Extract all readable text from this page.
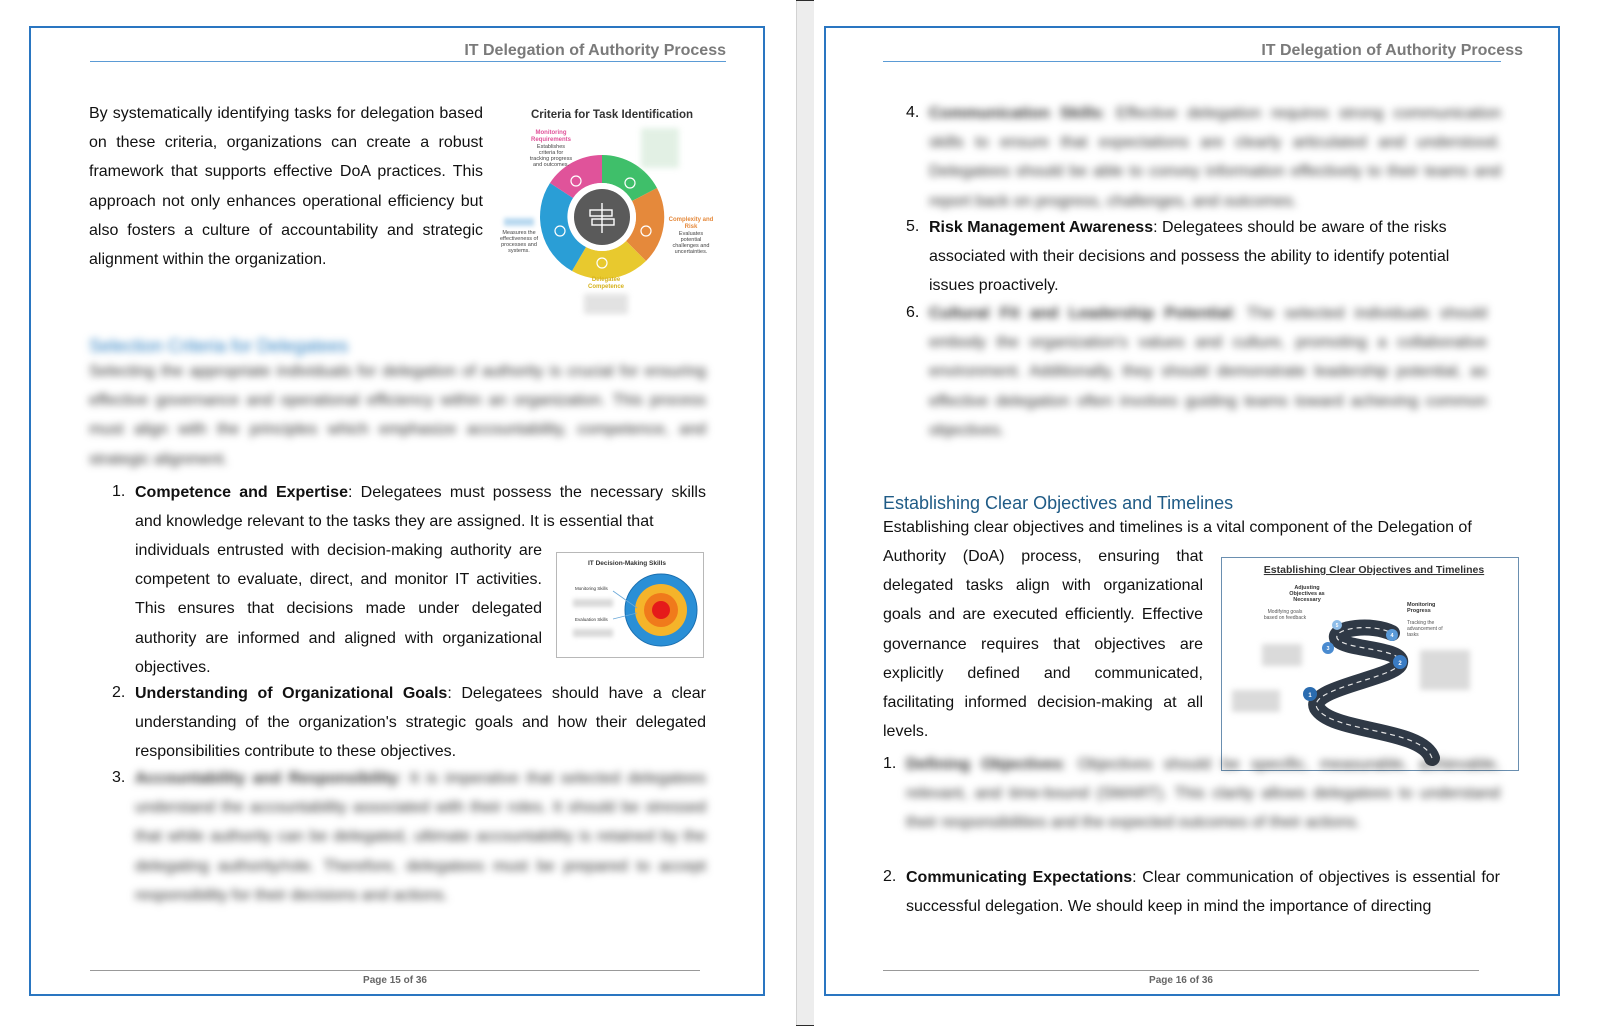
IT Delegation of Authority Process
By systematically identifying tasks for delegation based on these criteria, organizations can create a robust framework that supports effective DoA practices. This approach not only enhances operational efficiency but also fosters a culture of accountability and strategic alignment within the organization.
Criteria for Task Identification
Monitoring
Requirements
Establishes
criteria for
tracking progress
and outcomes.
Complexity and
Risk
Evaluates
potential
challenges and
uncertainties.
Delegatee
Competence
Measures the
effectiveness of
processes and
systems.
Selection Criteria for Delegatees
Selecting the appropriate individuals for delegation of authority is crucial for ensuring effective governance and operational efficiency within an organization. This process must align with the principles which emphasize accountability, competence, and strategic alignment.
1. Competence and Expertise: Delegatees must possess the necessary skills and knowledge relevant to the tasks they are assigned. It is essential that
individuals entrusted with decision-making authority are competent to evaluate, direct, and monitor IT activities. This ensures that decisions made under delegated authority are informed and aligned with organizational objectives.
IT Decision-Making Skills
Monitoring Skills
Evaluation Skills
2. Understanding of Organizational Goals: Delegatees should have a clear understanding of the organization's strategic goals and how their delegated responsibilities contribute to these objectives.
3. Accountability and Responsibility: It is imperative that selected delegatees understand the accountability associated with their roles. It should be stressed that while authority can be delegated, ultimate accountability is retained by the delegating authority/role. Therefore, delegatees must be prepared to accept responsibility for their decisions and actions.
Page 15 of 36
IT Delegation of Authority Process
4. Communication Skills: Effective delegation requires strong communication skills to ensure that expectations are clearly articulated and understood. Delegatees should be able to convey information effectively to their teams and report back on progress, challenges, and outcomes.
5. Risk Management Awareness: Delegatees should be aware of the risks associated with their decisions and possess the ability to identify potential issues proactively.
6. Cultural Fit and Leadership Potential: The selected individuals should embody the organization's values and culture, promoting a collaborative environment. Additionally, they should demonstrate leadership potential, as effective delegation often involves guiding teams toward achieving common objectives.
Establishing Clear Objectives and Timelines
Establishing clear objectives and timelines is a vital component of the Delegation of
Authority (DoA) process, ensuring that delegated tasks align with organizational goals and are executed efficiently. Effective governance requires that objectives are explicitly defined and communicated, facilitating informed decision-making at all levels.
Establishing Clear Objectives and Timelines
Adjusting
Objectives as
Necessary
Modifying goals
based on feedback
Monitoring
Progress
Tracking the
advancement of
tasks
1
2
3
4
5
1. Defining Objectives: Objectives should be specific, measurable, achievable, relevant, and time-bound (SMART). This clarity allows delegatees to understand their responsibilities and the expected outcomes of their actions.
2. Communicating Expectations: Clear communication of objectives is essential for successful delegation. We should keep in mind the importance of directing
Page 16 of 36
